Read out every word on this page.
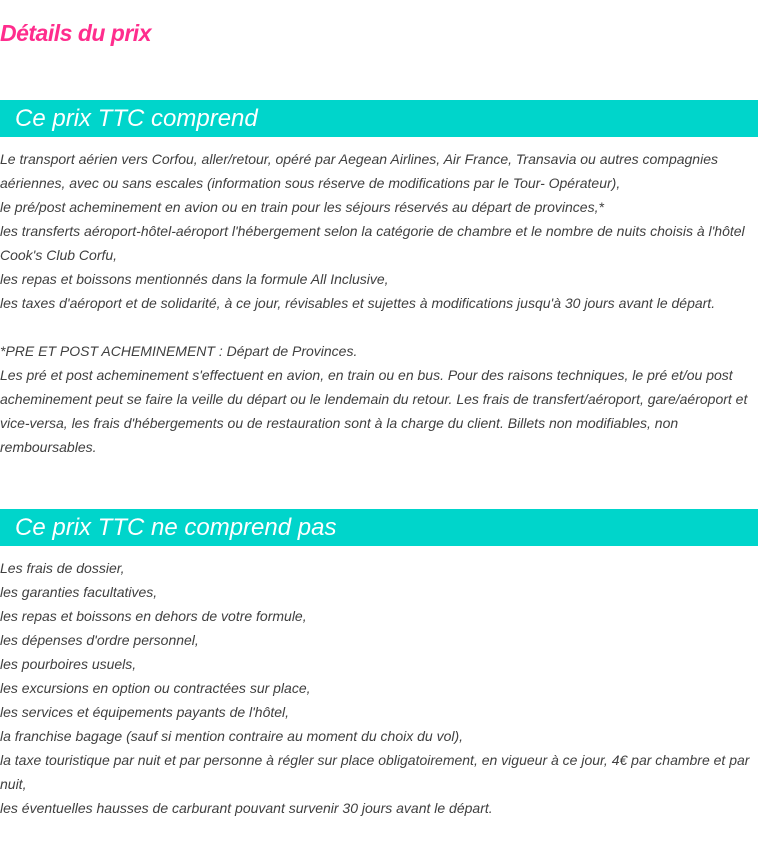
Détails du prix
Ce prix TTC comprend
Le transport aérien vers Corfou, aller/retour, opéré par Aegean Airlines, Air France, Transavia ou autres compagnies aériennes, avec ou sans escales (information sous réserve de modifications par le Tour- Opérateur),
le pré/post acheminement en avion ou en train pour les séjours réservés au départ de provinces,*
les transferts aéroport-hôtel-aéroport l'hébergement selon la catégorie de chambre et le nombre de nuits choisis à l'hôtel Cook's Club Corfu,
les repas et boissons mentionnés dans la formule All Inclusive,
les taxes d'aéroport et de solidarité, à ce jour, révisables et sujettes à modifications jusqu'à 30 jours avant le départ.
*PRE ET POST ACHEMINEMENT : Départ de Provinces.
Les pré et post acheminement s'effectuent en avion, en train ou en bus. Pour des raisons techniques, le pré et/ou post acheminement peut se faire la veille du départ ou le lendemain du retour. Les frais de transfert/aéroport, gare/aéroport et vice-versa, les frais d'hébergements ou de restauration sont à la charge du client. Billets non modifiables, non remboursables.
Ce prix TTC ne comprend pas
Les frais de dossier,
les garanties facultatives,
les repas et boissons en dehors de votre formule,
les dépenses d'ordre personnel,
les pourboires usuels,
les excursions en option ou contractées sur place,
les services et équipements payants de l'hôtel,
la franchise bagage (sauf si mention contraire au moment du choix du vol),
la taxe touristique par nuit et par personne à régler sur place obligatoirement, en vigueur à ce jour, 4€ par chambre et par nuit,
les éventuelles hausses de carburant pouvant survenir 30 jours avant le départ.
